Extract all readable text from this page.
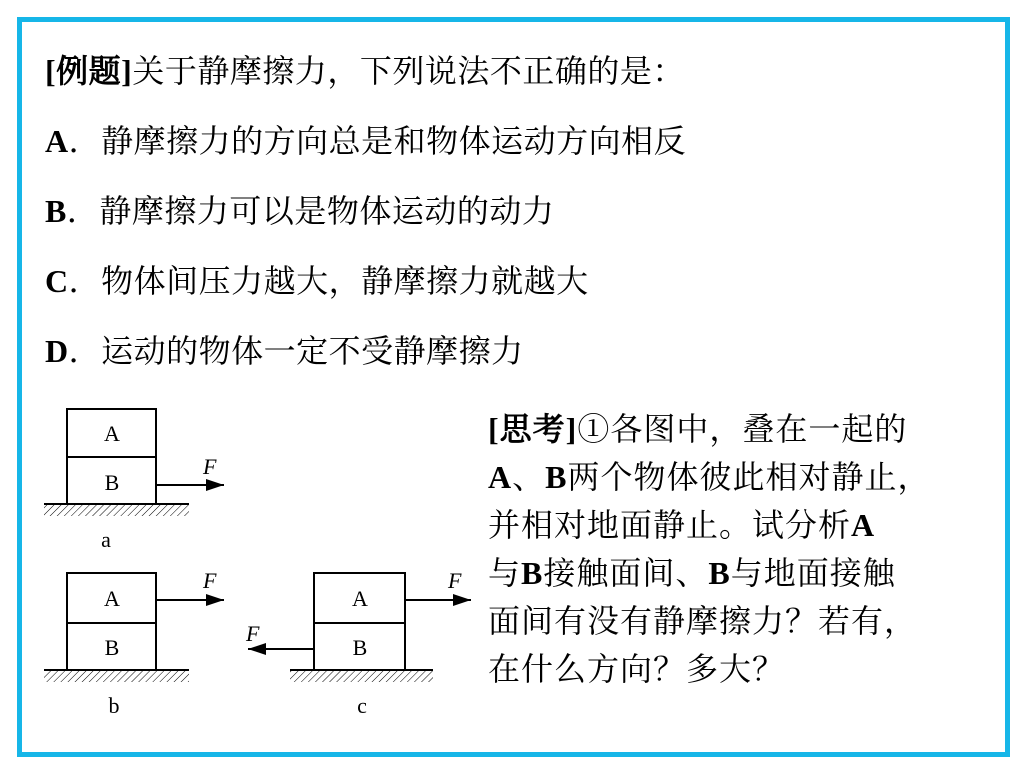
[例题]关于静摩擦力，下列说法不正确的是：
A．静摩擦力的方向总是和物体运动方向相反
B．静摩擦力可以是物体运动的动力
C．物体间压力越大，静摩擦力就越大
D．运动的物体一定不受静摩擦力
A
B
F
a
A
B
F
b
A
B
F
F
c
[思考]①各图中，叠在一起的
A、B两个物体彼此相对静止，
并相对地面静止。试分析A
与B接触面间、B与地面接触
面间有没有静摩擦力？若有，
在什么方向？多大？
